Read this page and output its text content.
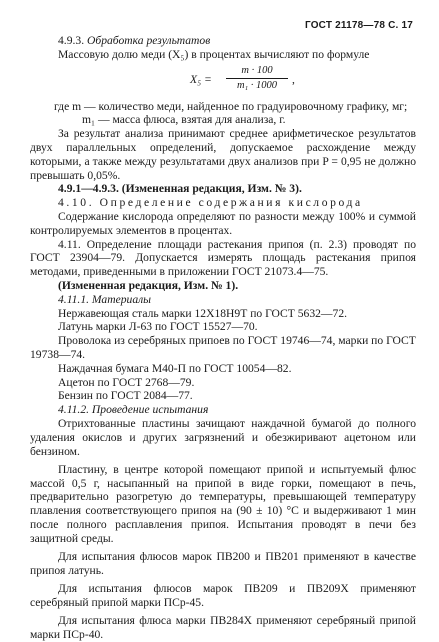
ГОСТ 21178—78 С. 17

4.9.3. Обработка результатов

Массовую долю меди (X₅) в процентах вычисляют по формуле

$X_5 = \frac{m \cdot 100}{\text{m₁ · 1000}}$ ,

где m — количество меди, найденное по градуировочному графику, мг;

m₁ — масса флюса, взятая для анализа, г.

За результат анализа принимают среднее арифметическое результатов двух параллельных определений, допускаемое расхождение между которыми, а также между результатами двух анализов при P = 0,95 не должно превышать 0,05%.

4.9.1—4.9.3. (Измененная редакция, Изм. № 3).

4.10. Определение содержания кислорода

Содержание кислорода определяют по разности между 100% и суммой контролируемых элементов в процентах.

4.11. Определение площади растекания припоя (п. 2.3) проводят по ГОСТ 23904—79. Допускается измерять площадь растекания припоя методами, приведенными в приложении ГОСТ 21073.4—75.

(Измененная редакция, Изм. № 1).

4.11.1. Материалы

Нержавеющая сталь марки 12Х18Н9Т по ГОСТ 5632—72.

Латунь марки Л-63 по ГОСТ 15527—70.

Проволока из серебряных припоев по ГОСТ 19746—74, марки по ГОСТ 19738—74.

Наждачная бумага М40-П по ГОСТ 10054—82.

Ацетон по ГОСТ 2768—79.

Бензин по ГОСТ 2084—77.

4.11.2. Проведение испытания

Отрихтованные пластины зачищают наждачной бумагой до полного удаления окислов и других загрязнений и обезжиривают ацетоном или бензином.

Пластину, в центре которой помещают припой и испытуемый флюс массой 0,5 г, насыпанный на припой в виде горки, помещают в печь, предварительно разогретую до температуры, превышающей температуру плавления соответствующего припоя на (90 ± 10) °С и выдерживают 1 мин после полного расплавления припоя. Испытания проводят в печи без защитной среды.

Для испытания флюсов марок ПВ200 и ПВ201 применяют в качестве припоя латунь.

Для испытания флюсов марок ПВ209 и ПВ209Х применяют серебряный припой марки ПСр-45.

Для испытания флюса марки ПВ284Х применяют серебряный припой марки ПСр-40.
